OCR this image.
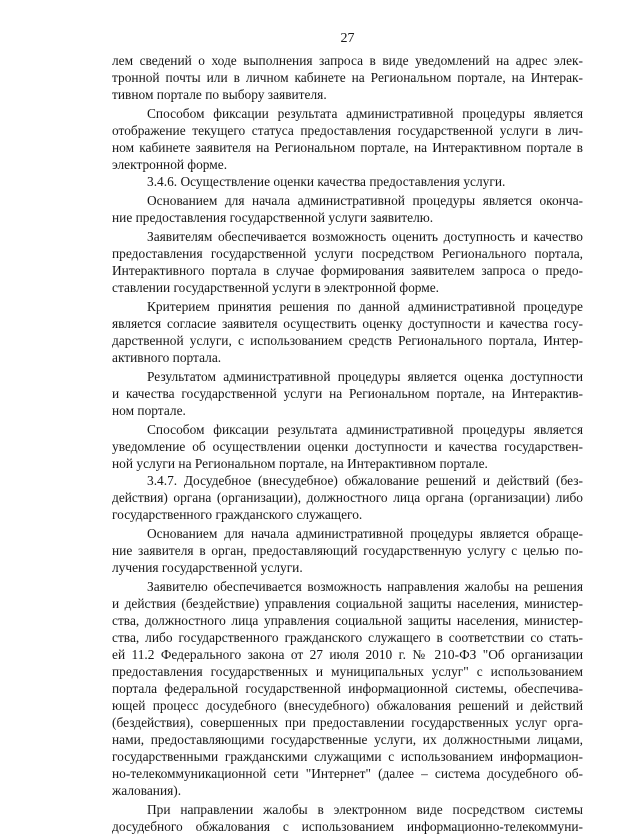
27
лем сведений о ходе выполнения запроса в виде уведомлений на адрес элек-
тронной почты или в личном кабинете на Региональном портале, на Интерак-
тивном портале по выбору заявителя.
Способом фиксации результата административной процедуры является
отображение текущего статуса предоставления государственной услуги в лич-
ном кабинете заявителя на Региональном портале, на Интерактивном портале в
электронной форме.
3.4.6. Осуществление оценки качества предоставления услуги.
Основанием для начала административной процедуры является оконча-
ние предоставления государственной услуги заявителю.
Заявителям обеспечивается возможность оценить доступность и качество
предоставления государственной услуги посредством Регионального портала,
Интерактивного портала в случае формирования заявителем запроса о предо-
ставлении государственной услуги в электронной форме.
Критерием принятия решения по данной административной процедуре
является согласие заявителя осуществить оценку доступности и качества госу-
дарственной услуги, с использованием средств Регионального портала, Интер-
активного портала.
Результатом административной процедуры является оценка доступности
и качества государственной услуги на Региональном портале, на Интерактив-
ном портале.
Способом фиксации результата административной процедуры является
уведомление об осуществлении оценки доступности и качества государствен-
ной услуги на Региональном портале, на Интерактивном портале.
3.4.7. Досудебное (внесудебное) обжалование решений и действий (без-
действия) органа (организации), должностного лица органа (организации) либо
государственного гражданского служащего.
Основанием для начала административной процедуры является обраще-
ние заявителя в орган, предоставляющий государственную услугу с целью по-
лучения государственной услуги.
Заявителю обеспечивается возможность направления жалобы на решения
и действия (бездействие) управления социальной защиты населения, министер-
ства, должностного лица управления социальной защиты населения, министер-
ства, либо государственного гражданского служащего в соответствии со стать-
ей 11.2 Федерального закона от 27 июля 2010 г. № 210-ФЗ "Об организации
предоставления государственных и муниципальных услуг" с использованием
портала федеральной государственной информационной системы, обеспечива-
ющей процесс досудебного (внесудебного) обжалования решений и действий
(бездействия), совершенных при предоставлении государственных услуг орга-
нами, предоставляющими государственные услуги, их должностными лицами,
государственными гражданскими служащими с использованием информацион-
но-телекоммуникационной сети "Интернет" (далее – система досудебного об-
жалования).
При направлении жалобы в электронном виде посредством системы
досудебного обжалования с использованием информационно-телекоммуни-
